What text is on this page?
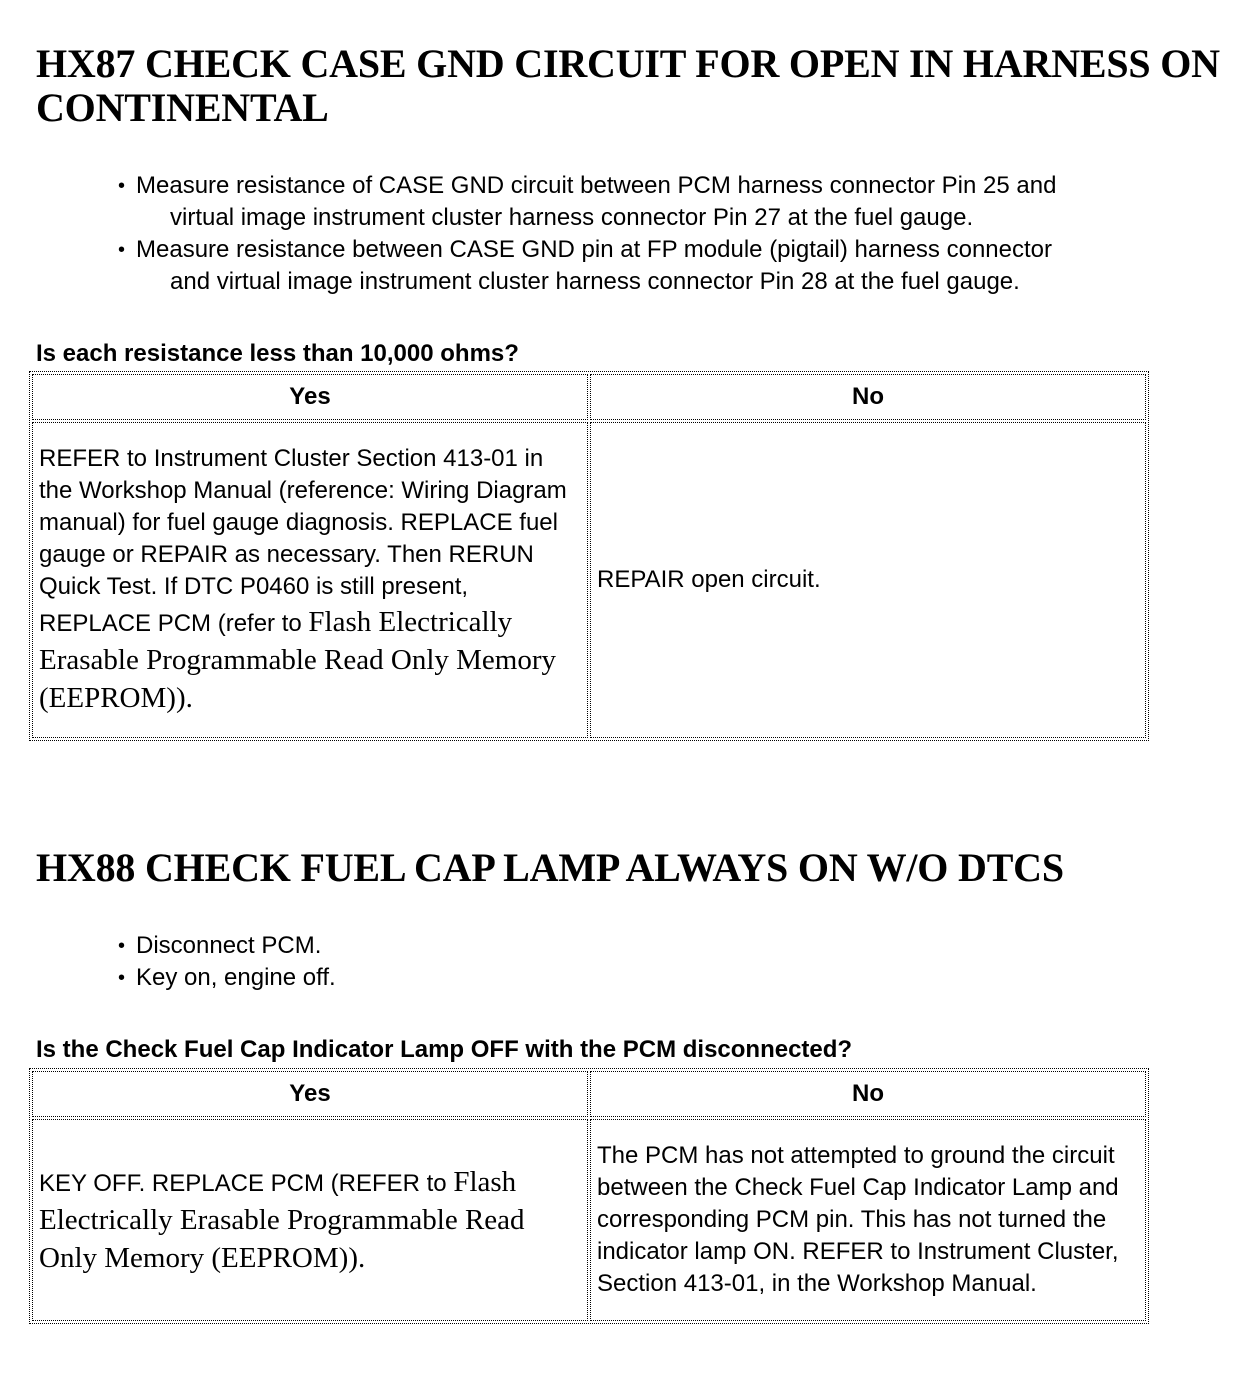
HX87 CHECK CASE GND CIRCUIT FOR OPEN IN HARNESS ON CONTINENTAL
• Measure resistance of CASE GND circuit between PCM harness connector Pin 25 and
virtual image instrument cluster harness connector Pin 27 at the fuel gauge.
• Measure resistance between CASE GND pin at FP module (pigtail) harness connector
and virtual image instrument cluster harness connector Pin 28 at the fuel gauge.

Is each resistance less than 10,000 ohms?

Yes	No
REFER to Instrument Cluster Section 413-01 in the Workshop Manual (reference: Wiring Diagram manual) for fuel gauge diagnosis. REPLACE fuel gauge or REPAIR as necessary. Then RERUN Quick Test. If DTC P0460 is still present, REPLACE PCM (refer to Flash Electrically Erasable Programmable Read Only Memory (EEPROM)).	REPAIR open circuit.
HX88 CHECK FUEL CAP LAMP ALWAYS ON W/O DTCS
• Disconnect PCM.
• Key on, engine off.

Is the Check Fuel Cap Indicator Lamp OFF with the PCM disconnected?

Yes	No
KEY OFF. REPLACE PCM (REFER to Flash Electrically Erasable Programmable Read Only Memory (EEPROM)).	The PCM has not attempted to ground the circuit between the Check Fuel Cap Indicator Lamp and corresponding PCM pin. This has not turned the indicator lamp ON. REFER to Instrument Cluster, Section 413-01, in the Workshop Manual.
